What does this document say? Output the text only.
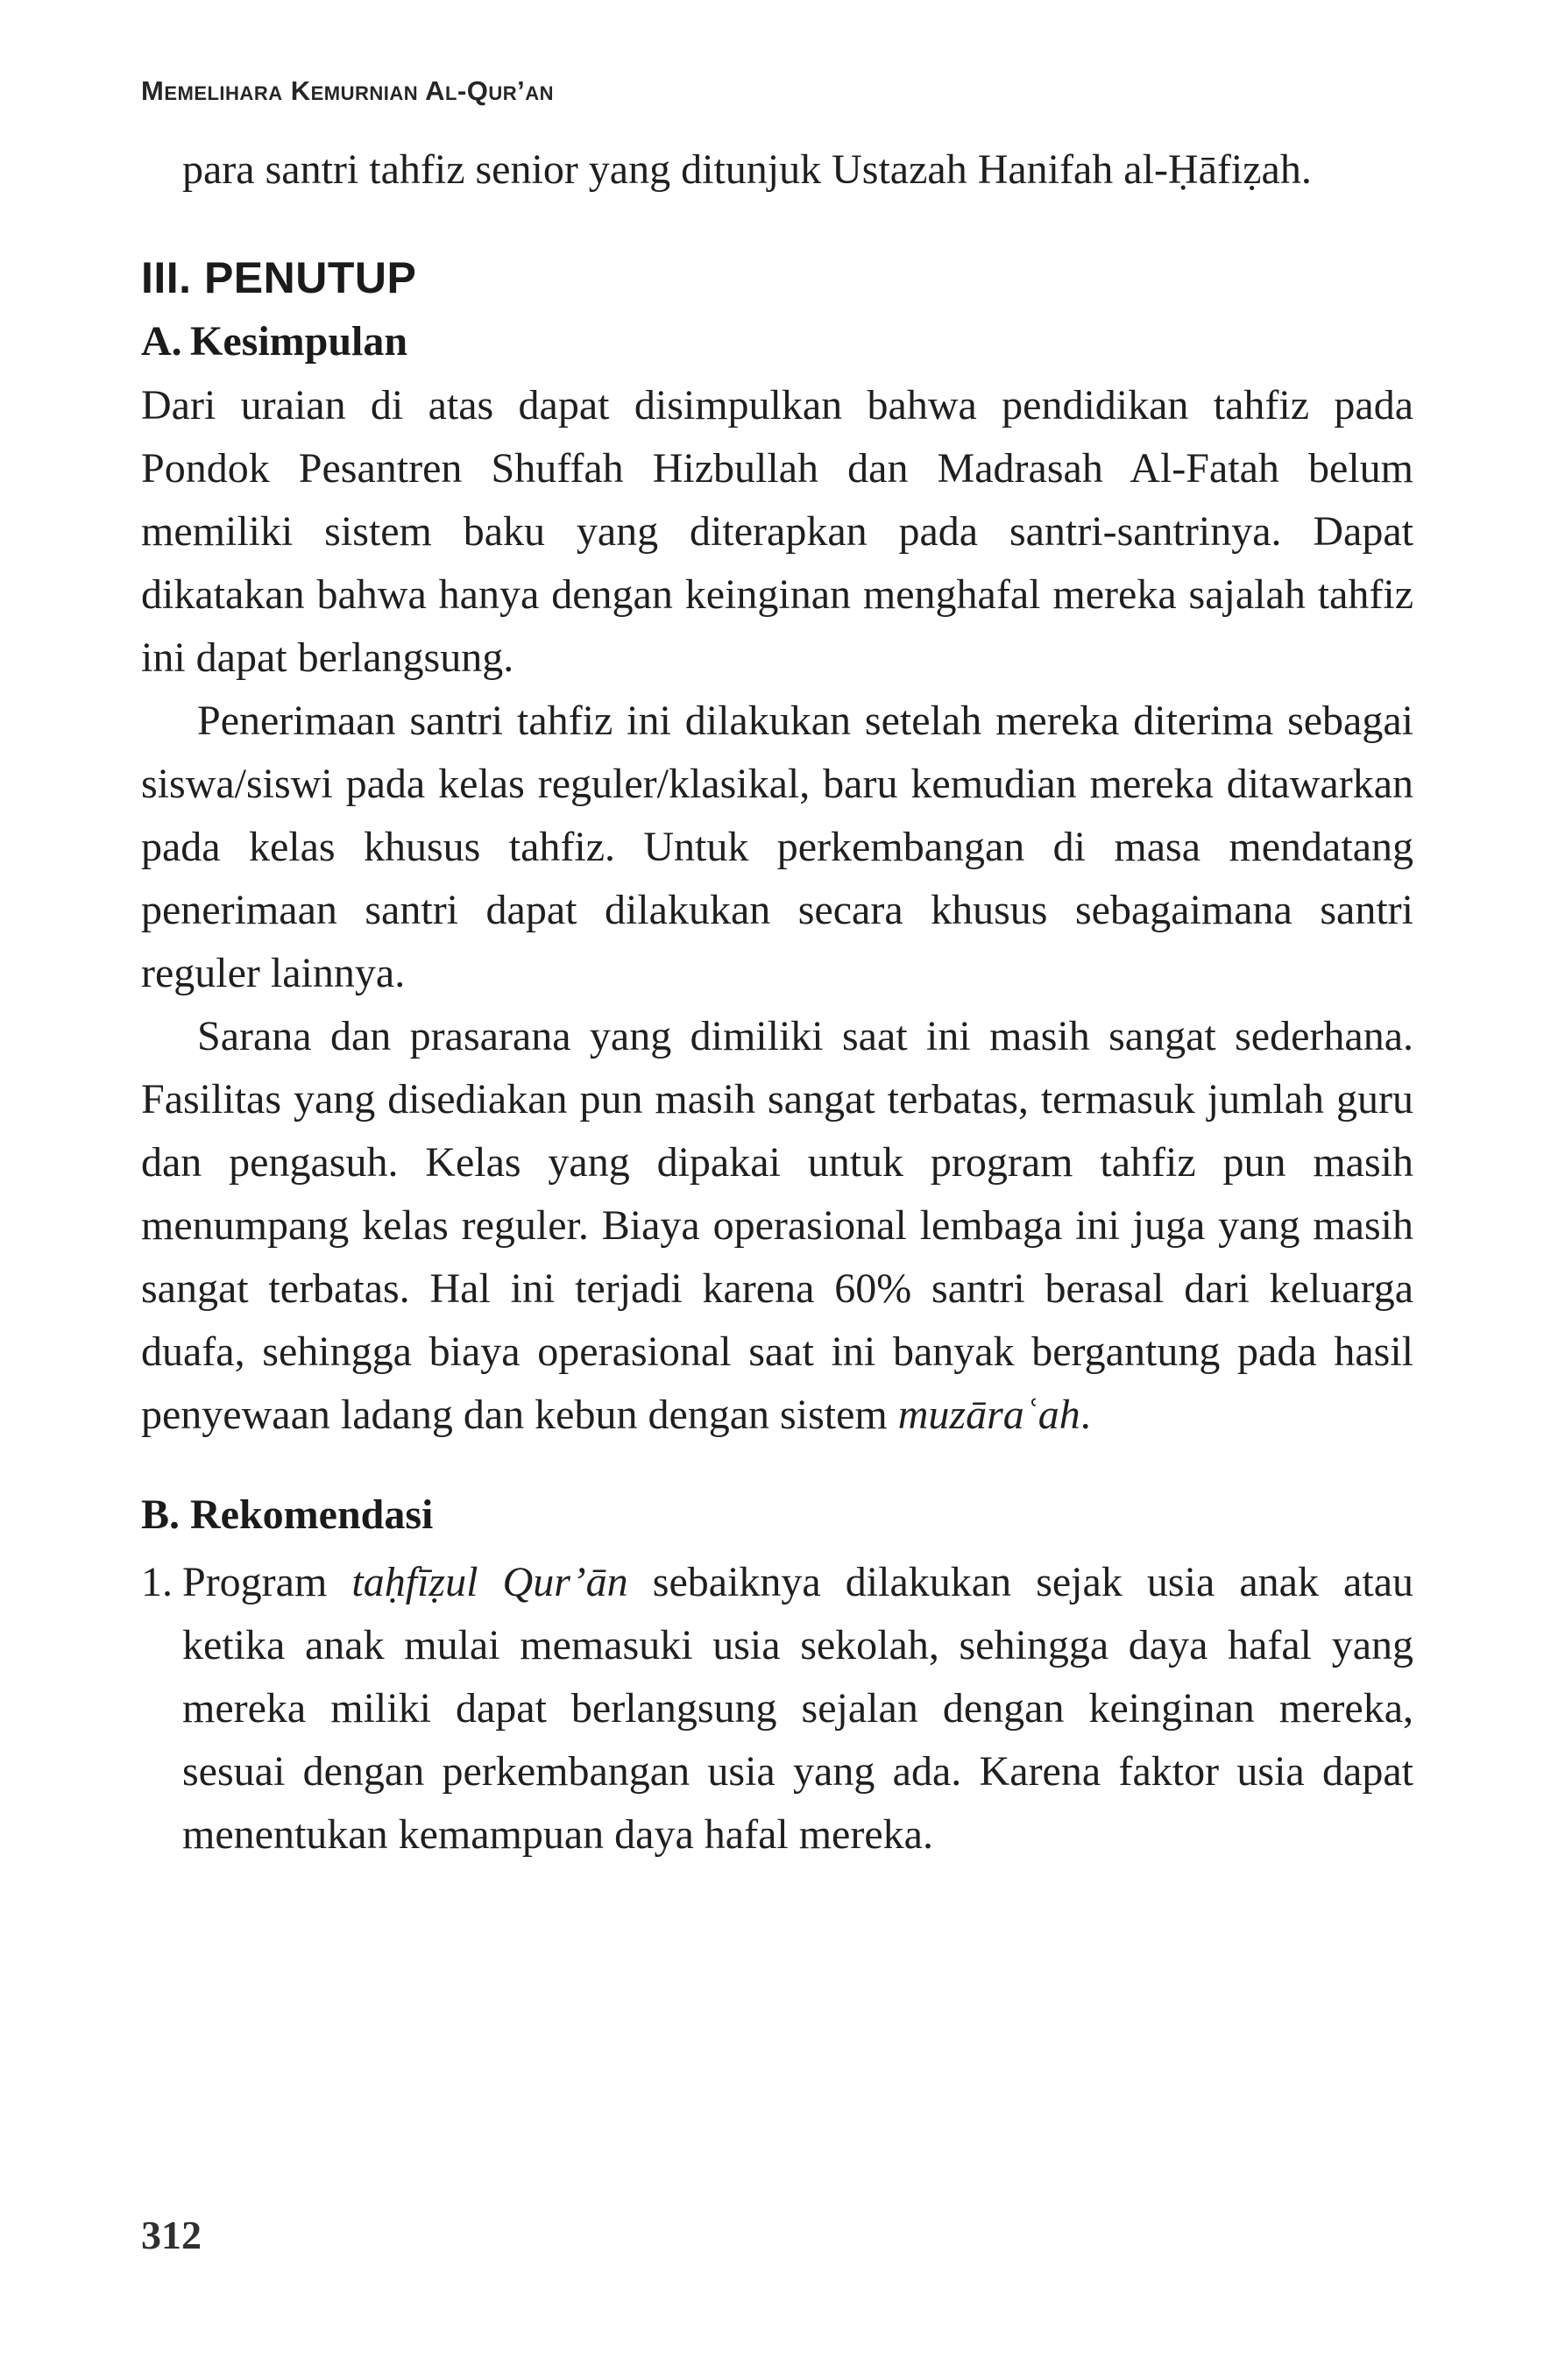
Memelihara Kemurnian Al-Qur’an

para santri tahfiz senior yang ditunjuk Ustazah Hanifah al-Ḥāfiẓah.

III. PENUTUP
A. Kesimpulan

Dari uraian di atas dapat disimpulkan bahwa pendidikan tahfiz pada Pondok Pesantren Shuffah Hizbullah dan Madrasah Al-Fatah belum memiliki sistem baku yang diterapkan pada santri-santrinya. Dapat dikatakan bahwa hanya dengan keinginan menghafal mereka sajalah tahfiz ini dapat berlangsung.

Penerimaan santri tahfiz ini dilakukan setelah mereka diterima sebagai siswa/siswi pada kelas reguler/klasikal, baru kemudian mereka ditawarkan pada kelas khusus tahfiz. Untuk perkembangan di masa mendatang penerimaan santri dapat dilakukan secara khusus sebagaimana santri reguler lainnya.

Sarana dan prasarana yang dimiliki saat ini masih sangat sederhana. Fasilitas yang disediakan pun masih sangat terbatas, termasuk jumlah guru dan pengasuh. Kelas yang dipakai untuk program tahfiz pun masih menumpang kelas reguler. Biaya operasional lembaga ini juga yang masih sangat terbatas. Hal ini terjadi karena 60% santri berasal dari keluarga duafa, sehingga biaya operasional saat ini banyak bergantung pada hasil penyewaan ladang dan kebun dengan sistem muzāraʿah.

B. Rekomendasi
1. Program taḥfīẓul Qur’ān sebaiknya dilakukan sejak usia anak atau ketika anak mulai memasuki usia sekolah, sehingga daya hafal yang mereka miliki dapat berlangsung sejalan dengan keinginan mereka, sesuai dengan perkembangan usia yang ada. Karena faktor usia dapat menentukan kemampuan daya hafal mereka.
312
